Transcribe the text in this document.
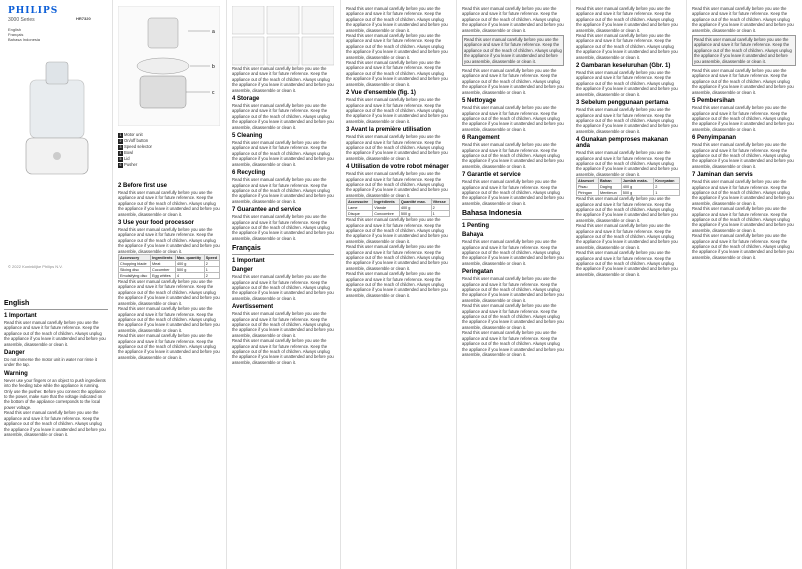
PHILIPS
3000 Series
English
Français
Bahasa Indonesia
HR7320
© 2022 Koninklijke Philips N.V.
English
1 Important
Read this user manual carefully before you use the appliance and save it for future reference. Keep the appliance out of the reach of children. Always unplug the appliance if you leave it unattended and before you assemble, disassemble or clean it.
Danger
Do not immerse the motor unit in water nor rinse it under the tap.
Warning
Never use your fingers or an object to push ingredients into the feeding tube while the appliance is running. Only use the pusher. Before you connect the appliance to the power, make sure that the voltage indicated on the bottom of the appliance corresponds to the local power voltage.
Read this user manual carefully before you use the appliance and save it for future reference. Keep the appliance out of the reach of children. Always unplug the appliance if you leave it unattended and before you assemble, disassemble or clean it.
a
b
c
1 Motor unit
2 On/off button
3 Speed selector
4 Bowl
5 Lid
6 Pusher
2 Before first use
Read this user manual carefully before you use the appliance and save it for future reference. Keep the appliance out of the reach of children. Always unplug the appliance if you leave it unattended and before you assemble, disassemble or clean it.
3 Use your food processor
Read this user manual carefully before you use the appliance and save it for future reference. Keep the appliance out of the reach of children. Always unplug the appliance if you leave it unattended and before you assemble, disassemble or clean it.
Accessory	Ingredients	Max. quantity	Speed
Chopping blade	Meat	400 g	2
Slicing disc	Cucumber	500 g	1
Emulsifying disc	Egg whites	4	2
Read this user manual carefully before you use the appliance and save it for future reference. Keep the appliance out of the reach of children. Always unplug the appliance if you leave it unattended and before you assemble, disassemble or clean it.
Read this user manual carefully before you use the appliance and save it for future reference. Keep the appliance out of the reach of children. Always unplug the appliance if you leave it unattended and before you assemble, disassemble or clean it.
Read this user manual carefully before you use the appliance and save it for future reference. Keep the appliance out of the reach of children. Always unplug the appliance if you leave it unattended and before you assemble, disassemble or clean it.
Read this user manual carefully before you use the appliance and save it for future reference. Keep the appliance out of the reach of children. Always unplug the appliance if you leave it unattended and before you assemble, disassemble or clean it.
4 Storage
Read this user manual carefully before you use the appliance and save it for future reference. Keep the appliance out of the reach of children. Always unplug the appliance if you leave it unattended and before you assemble, disassemble or clean it.
5 Cleaning
Read this user manual carefully before you use the appliance and save it for future reference. Keep the appliance out of the reach of children. Always unplug the appliance if you leave it unattended and before you assemble, disassemble or clean it.
6 Recycling
Read this user manual carefully before you use the appliance and save it for future reference. Keep the appliance out of the reach of children. Always unplug the appliance if you leave it unattended and before you assemble, disassemble or clean it.
7 Guarantee and service
Read this user manual carefully before you use the appliance and save it for future reference. Keep the appliance out of the reach of children. Always unplug the appliance if you leave it unattended and before you assemble, disassemble or clean it.
Français
1 Important
Danger
Read this user manual carefully before you use the appliance and save it for future reference. Keep the appliance out of the reach of children. Always unplug the appliance if you leave it unattended and before you assemble, disassemble or clean it.
Avertissement
Read this user manual carefully before you use the appliance and save it for future reference. Keep the appliance out of the reach of children. Always unplug the appliance if you leave it unattended and before you assemble, disassemble or clean it.
Read this user manual carefully before you use the appliance and save it for future reference. Keep the appliance out of the reach of children. Always unplug the appliance if you leave it unattended and before you assemble, disassemble or clean it.
Read this user manual carefully before you use the appliance and save it for future reference. Keep the appliance out of the reach of children. Always unplug the appliance if you leave it unattended and before you assemble, disassemble or clean it.
Read this user manual carefully before you use the appliance and save it for future reference. Keep the appliance out of the reach of children. Always unplug the appliance if you leave it unattended and before you assemble, disassemble or clean it.
Read this user manual carefully before you use the appliance and save it for future reference. Keep the appliance out of the reach of children. Always unplug the appliance if you leave it unattended and before you assemble, disassemble or clean it.
2 Vue d'ensemble (fig. 1)
Read this user manual carefully before you use the appliance and save it for future reference. Keep the appliance out of the reach of children. Always unplug the appliance if you leave it unattended and before you assemble, disassemble or clean it.
3 Avant la première utilisation
Read this user manual carefully before you use the appliance and save it for future reference. Keep the appliance out of the reach of children. Always unplug the appliance if you leave it unattended and before you assemble, disassemble or clean it.
4 Utilisation de votre robot ménager
Read this user manual carefully before you use the appliance and save it for future reference. Keep the appliance out of the reach of children. Always unplug the appliance if you leave it unattended and before you assemble, disassemble or clean it.
Accessoire	Ingrédients	Quantité max.	Vitesse
Lame	Viande	400 g	2
Disque	Concombre	500 g	1
Read this user manual carefully before you use the appliance and save it for future reference. Keep the appliance out of the reach of children. Always unplug the appliance if you leave it unattended and before you assemble, disassemble or clean it.
Read this user manual carefully before you use the appliance and save it for future reference. Keep the appliance out of the reach of children. Always unplug the appliance if you leave it unattended and before you assemble, disassemble or clean it.
Read this user manual carefully before you use the appliance and save it for future reference. Keep the appliance out of the reach of children. Always unplug the appliance if you leave it unattended and before you assemble, disassemble or clean it.
Read this user manual carefully before you use the appliance and save it for future reference. Keep the appliance out of the reach of children. Always unplug the appliance if you leave it unattended and before you assemble, disassemble or clean it.
Read this user manual carefully before you use the appliance and save it for future reference. Keep the appliance out of the reach of children. Always unplug the appliance if you leave it unattended and before you assemble, disassemble or clean it.
Read this user manual carefully before you use the appliance and save it for future reference. Keep the appliance out of the reach of children. Always unplug the appliance if you leave it unattended and before you assemble, disassemble or clean it.
5 Nettoyage
Read this user manual carefully before you use the appliance and save it for future reference. Keep the appliance out of the reach of children. Always unplug the appliance if you leave it unattended and before you assemble, disassemble or clean it.
6 Rangement
Read this user manual carefully before you use the appliance and save it for future reference. Keep the appliance out of the reach of children. Always unplug the appliance if you leave it unattended and before you assemble, disassemble or clean it.
7 Garantie et service
Read this user manual carefully before you use the appliance and save it for future reference. Keep the appliance out of the reach of children. Always unplug the appliance if you leave it unattended and before you assemble, disassemble or clean it.
Bahasa Indonesia
1 Penting
Bahaya
Read this user manual carefully before you use the appliance and save it for future reference. Keep the appliance out of the reach of children. Always unplug the appliance if you leave it unattended and before you assemble, disassemble or clean it.
Peringatan
Read this user manual carefully before you use the appliance and save it for future reference. Keep the appliance out of the reach of children. Always unplug the appliance if you leave it unattended and before you assemble, disassemble or clean it.
Read this user manual carefully before you use the appliance and save it for future reference. Keep the appliance out of the reach of children. Always unplug the appliance if you leave it unattended and before you assemble, disassemble or clean it.
Read this user manual carefully before you use the appliance and save it for future reference. Keep the appliance out of the reach of children. Always unplug the appliance if you leave it unattended and before you assemble, disassemble or clean it.
Read this user manual carefully before you use the appliance and save it for future reference. Keep the appliance out of the reach of children. Always unplug the appliance if you leave it unattended and before you assemble, disassemble or clean it.
Read this user manual carefully before you use the appliance and save it for future reference. Keep the appliance out of the reach of children. Always unplug the appliance if you leave it unattended and before you assemble, disassemble or clean it.
2 Gambaran keseluruhan (Gbr. 1)
Read this user manual carefully before you use the appliance and save it for future reference. Keep the appliance out of the reach of children. Always unplug the appliance if you leave it unattended and before you assemble, disassemble or clean it.
3 Sebelum penggunaan pertama
Read this user manual carefully before you use the appliance and save it for future reference. Keep the appliance out of the reach of children. Always unplug the appliance if you leave it unattended and before you assemble, disassemble or clean it.
4 Gunakan pemproses makanan anda
Read this user manual carefully before you use the appliance and save it for future reference. Keep the appliance out of the reach of children. Always unplug the appliance if you leave it unattended and before you assemble, disassemble or clean it.
Aksesori	Bahan	Jumlah maks.	Kecepatan
Pisau	Daging	400 g	2
Piringan	Mentimun	500 g	1
Read this user manual carefully before you use the appliance and save it for future reference. Keep the appliance out of the reach of children. Always unplug the appliance if you leave it unattended and before you assemble, disassemble or clean it.
Read this user manual carefully before you use the appliance and save it for future reference. Keep the appliance out of the reach of children. Always unplug the appliance if you leave it unattended and before you assemble, disassemble or clean it.
Read this user manual carefully before you use the appliance and save it for future reference. Keep the appliance out of the reach of children. Always unplug the appliance if you leave it unattended and before you assemble, disassemble or clean it.
Read this user manual carefully before you use the appliance and save it for future reference. Keep the appliance out of the reach of children. Always unplug the appliance if you leave it unattended and before you assemble, disassemble or clean it.
Read this user manual carefully before you use the appliance and save it for future reference. Keep the appliance out of the reach of children. Always unplug the appliance if you leave it unattended and before you assemble, disassemble or clean it.
Read this user manual carefully before you use the appliance and save it for future reference. Keep the appliance out of the reach of children. Always unplug the appliance if you leave it unattended and before you assemble, disassemble or clean it.
5 Pembersihan
Read this user manual carefully before you use the appliance and save it for future reference. Keep the appliance out of the reach of children. Always unplug the appliance if you leave it unattended and before you assemble, disassemble or clean it.
6 Penyimpanan
Read this user manual carefully before you use the appliance and save it for future reference. Keep the appliance out of the reach of children. Always unplug the appliance if you leave it unattended and before you assemble, disassemble or clean it.
7 Jaminan dan servis
Read this user manual carefully before you use the appliance and save it for future reference. Keep the appliance out of the reach of children. Always unplug the appliance if you leave it unattended and before you assemble, disassemble or clean it.
Read this user manual carefully before you use the appliance and save it for future reference. Keep the appliance out of the reach of children. Always unplug the appliance if you leave it unattended and before you assemble, disassemble or clean it.
Read this user manual carefully before you use the appliance and save it for future reference. Keep the appliance out of the reach of children. Always unplug the appliance if you leave it unattended and before you assemble, disassemble or clean it.
